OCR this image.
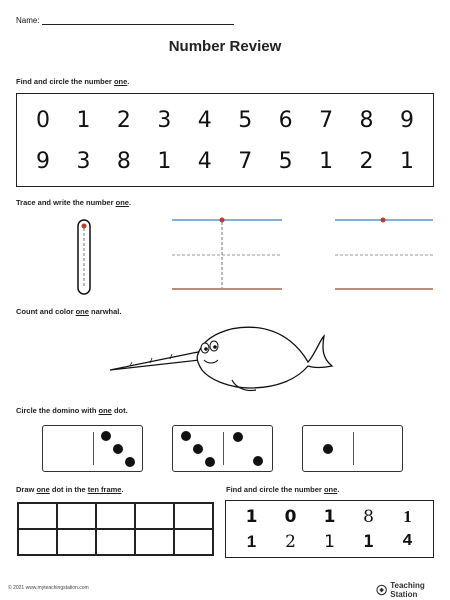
Name:
Number Review
Find and circle the number one.
0	1	2	3	4	5	6	7	8	9
9	3	8	1	4	7	5	1	2	1
Trace and write the number one.
Count and color one narwhal.
Circle the domino with one dot.
Draw one dot in the ten frame.	Find and circle the number one.
1 0 1 8 1
1 2 1 1 4
© 2021 www.myteachingstation.com	Teaching Station
